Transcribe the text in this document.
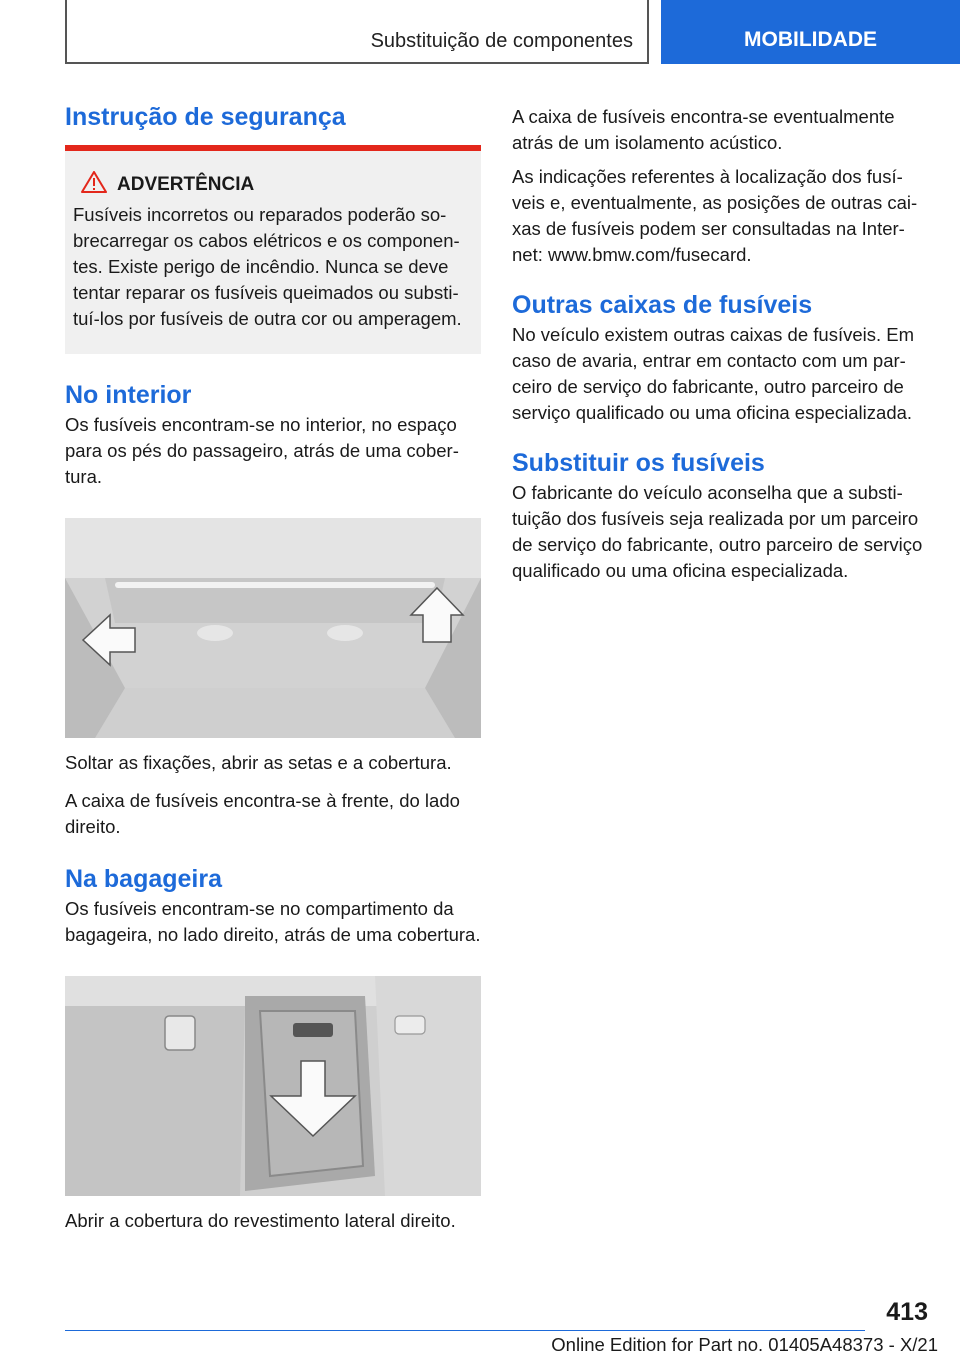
Substituição de componentes	MOBILIDADE
Instrução de segurança
ADVERTÊNCIA

Fusíveis incorretos ou reparados poderão sobrecarregar os cabos elétricos e os componentes. Existe perigo de incêndio. Nunca se deve tentar reparar os fusíveis queimados ou substituí-los por fusíveis de outra cor ou amperagem.

No interior

Os fusíveis encontram-se no interior, no espaço para os pés do passageiro, atrás de uma cobertura.

Soltar as fixações, abrir as setas e a cobertura.

A caixa de fusíveis encontra-se à frente, do lado direito.

Na bagageira

Os fusíveis encontram-se no compartimento da bagageira, no lado direito, atrás de uma cobertura.

Abrir a cobertura do revestimento lateral direito.

A caixa de fusíveis encontra-se eventualmente atrás de um isolamento acústico.

As indicações referentes à localização dos fusíveis e, eventualmente, as posições de outras caixas de fusíveis podem ser consultadas na Internet: www.bmw.com/fusecard.

Outras caixas de fusíveis

No veículo existem outras caixas de fusíveis. Em caso de avaria, entrar em contacto com um parceiro de serviço do fabricante, outro parceiro de serviço qualificado ou uma oficina especializada.

Substituir os fusíveis

O fabricante do veículo aconselha que a substituição dos fusíveis seja realizada por um parceiro de serviço do fabricante, outro parceiro de serviço qualificado ou uma oficina especializada.

413
Online Edition for Part no. 01405A48373 - X/21
